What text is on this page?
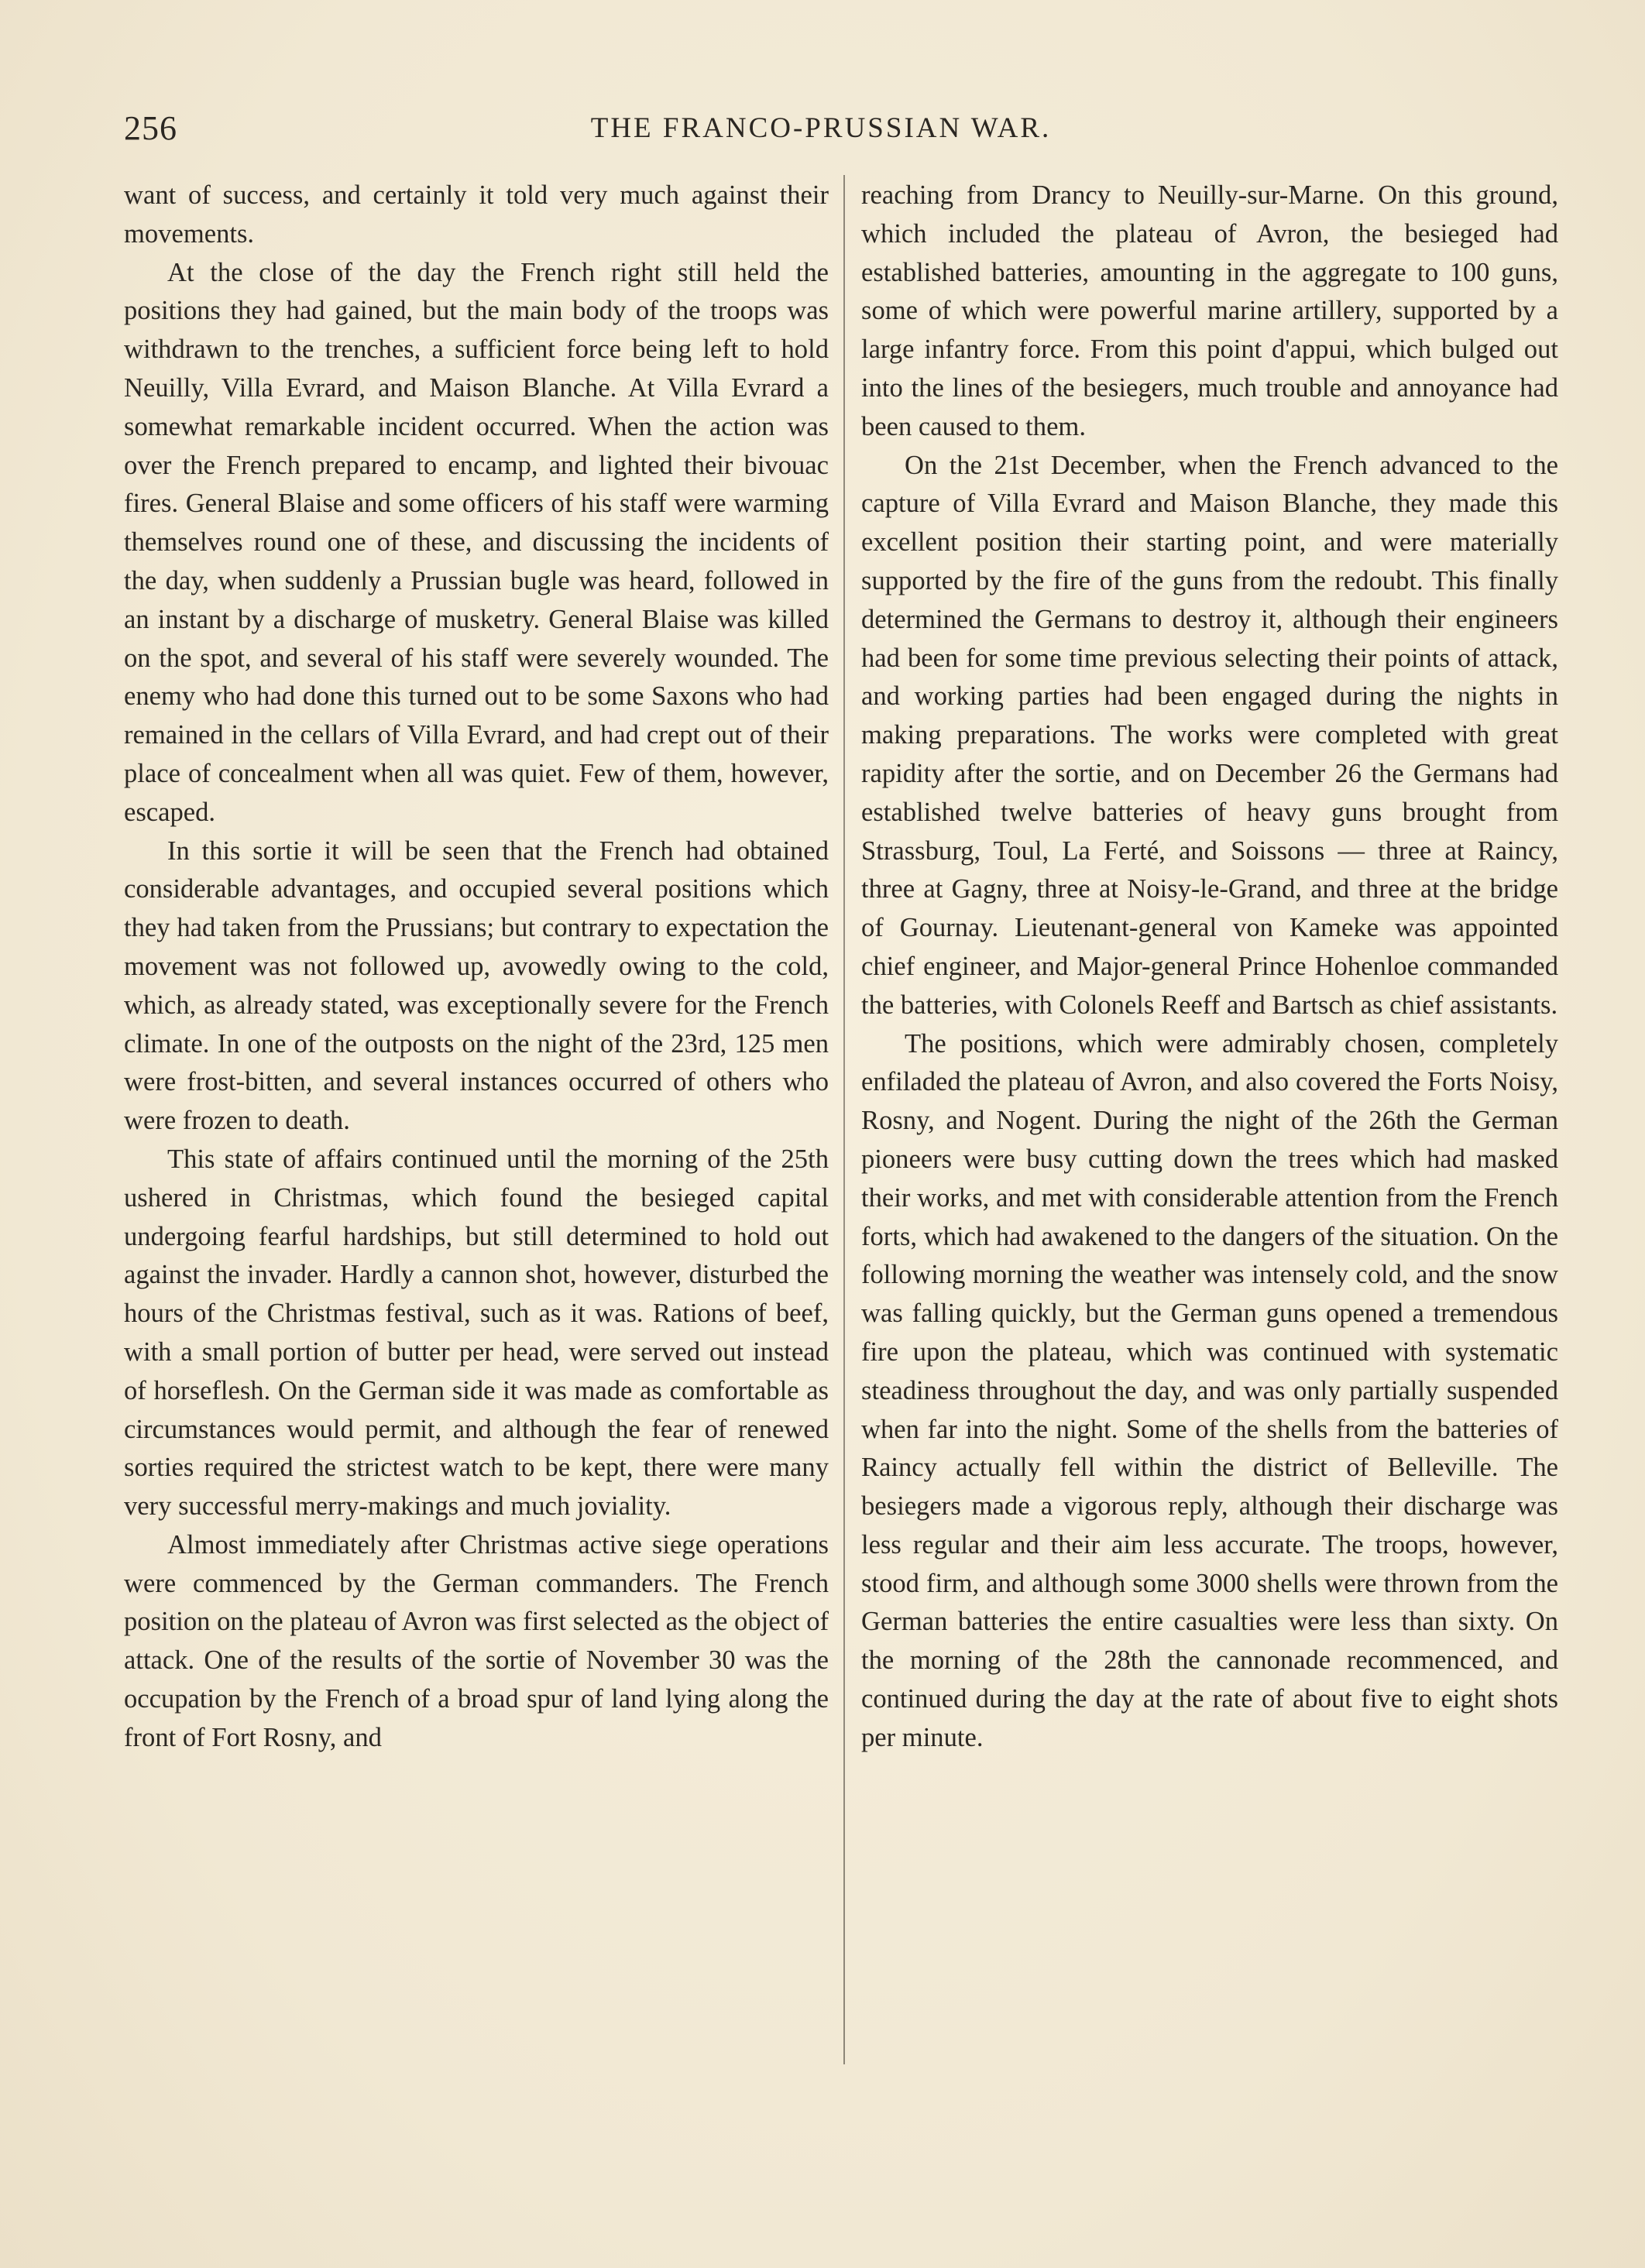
256	THE FRANCO-PRUSSIAN WAR.

want of success, and certainly it told very much against their movements.

At the close of the day the French right still held the positions they had gained, but the main body of the troops was withdrawn to the trenches, a sufficient force being left to hold Neuilly, Villa Evrard, and Maison Blanche. At Villa Evrard a somewhat remarkable incident occurred. When the action was over the French prepared to encamp, and lighted their bivouac fires. General Blaise and some officers of his staff were warming themselves round one of these, and discussing the incidents of the day, when suddenly a Prussian bugle was heard, followed in an instant by a discharge of musketry. General Blaise was killed on the spot, and several of his staff were severely wounded. The enemy who had done this turned out to be some Saxons who had remained in the cellars of Villa Evrard, and had crept out of their place of concealment when all was quiet. Few of them, however, escaped.

In this sortie it will be seen that the French had obtained considerable advantages, and occupied several positions which they had taken from the Prussians; but contrary to expectation the movement was not followed up, avowedly owing to the cold, which, as already stated, was exceptionally severe for the French climate. In one of the outposts on the night of the 23rd, 125 men were frost-bitten, and several instances occurred of others who were frozen to death.

This state of affairs continued until the morning of the 25th ushered in Christmas, which found the besieged capital undergoing fearful hardships, but still determined to hold out against the invader. Hardly a cannon shot, however, disturbed the hours of the Christmas festival, such as it was. Rations of beef, with a small portion of butter per head, were served out instead of horseflesh. On the German side it was made as comfortable as circumstances would permit, and although the fear of renewed sorties required the strictest watch to be kept, there were many very successful merry-makings and much joviality.

Almost immediately after Christmas active siege operations were commenced by the German commanders. The French position on the plateau of Avron was first selected as the object of attack. One of the results of the sortie of November 30 was the occupation by the French of a broad spur of land lying along the front of Fort Rosny, and

reaching from Drancy to Neuilly-sur-Marne. On this ground, which included the plateau of Avron, the besieged had established batteries, amounting in the aggregate to 100 guns, some of which were powerful marine artillery, supported by a large infantry force. From this point d'appui, which bulged out into the lines of the besiegers, much trouble and annoyance had been caused to them.

On the 21st December, when the French advanced to the capture of Villa Evrard and Maison Blanche, they made this excellent position their starting point, and were materially supported by the fire of the guns from the redoubt. This finally determined the Germans to destroy it, although their engineers had been for some time previous selecting their points of attack, and working parties had been engaged during the nights in making preparations. The works were completed with great rapidity after the sortie, and on December 26 the Germans had established twelve batteries of heavy guns brought from Strassburg, Toul, La Ferté, and Soissons — three at Raincy, three at Gagny, three at Noisy-le-Grand, and three at the bridge of Gournay. Lieutenant-general von Kameke was appointed chief engineer, and Major-general Prince Hohenloe commanded the batteries, with Colonels Reeff and Bartsch as chief assistants.

The positions, which were admirably chosen, completely enfiladed the plateau of Avron, and also covered the Forts Noisy, Rosny, and Nogent. During the night of the 26th the German pioneers were busy cutting down the trees which had masked their works, and met with considerable attention from the French forts, which had awakened to the dangers of the situation. On the following morning the weather was intensely cold, and the snow was falling quickly, but the German guns opened a tremendous fire upon the plateau, which was continued with systematic steadiness throughout the day, and was only partially suspended when far into the night. Some of the shells from the batteries of Raincy actually fell within the district of Belleville. The besiegers made a vigorous reply, although their discharge was less regular and their aim less accurate. The troops, however, stood firm, and although some 3000 shells were thrown from the German batteries the entire casualties were less than sixty. On the morning of the 28th the cannonade recommenced, and continued during the day at the rate of about five to eight shots per minute.
